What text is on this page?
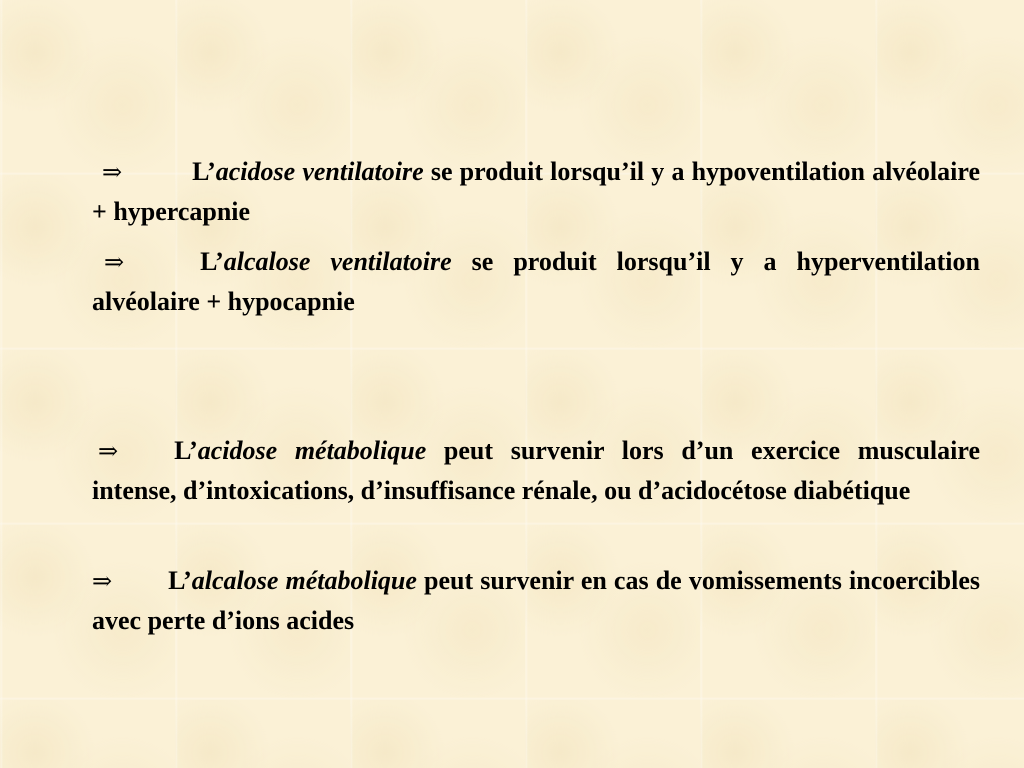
⇒	L’acidose ventilatoire se produit lorsqu’il y a hypoventilation alvéolaire + hypercapnie

⇒	L’alcalose ventilatoire se produit lorsqu’il y a hyperventilation alvéolaire + hypocapnie

⇒ L’acidose métabolique peut survenir lors d’un exercice musculaire intense, d’intoxications, d’insuffisance rénale, ou d’acidocétose diabétique

⇒ L’alcalose métabolique peut survenir en cas de vomissements incoercibles avec perte d’ions acides
